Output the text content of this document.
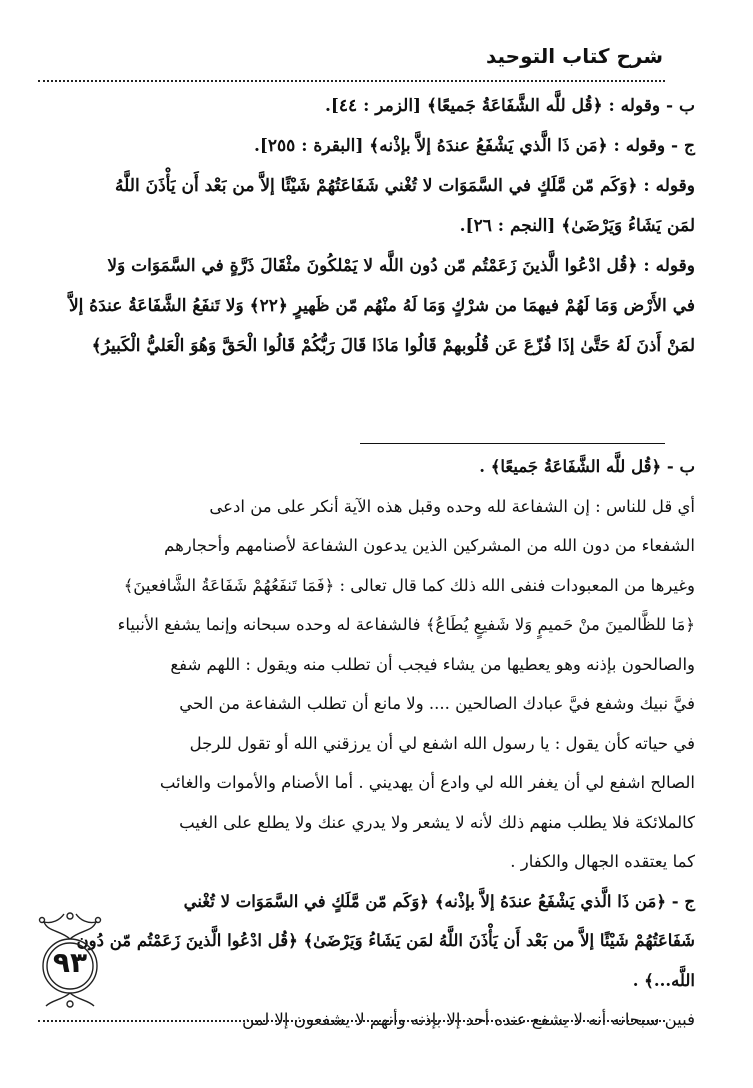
شرح كتاب التوحيد
ب - وقوله : ﴿قُل للَّه الشَّفَاعَةُ جَميعًا﴾ [الزمر : ٤٤].
ج - وقوله : ﴿مَن ذَا الَّذي يَشْفَعُ عندَهُ إلاَّ بإذْنه﴾ [البقرة : ٢٥٥].
وقوله : ﴿وَكَم مّن مَّلَكٍ في السَّمَوَات لا تُغْني شَفَاعَتُهُمْ شَيْئًا إلاَّ من بَعْد أَن يَأْذَنَ اللَّهُ
لمَن يَشَاءُ وَيَرْضَىٰ﴾ [النجم : ٢٦].
وقوله : ﴿قُل ادْعُوا الَّذينَ زَعَمْتُم مّن دُون اللَّه لا يَمْلكُونَ مثْقَالَ ذَرَّةٍ في السَّمَوَات وَلا
في الأَرْض وَمَا لَهُمْ فيهمَا من شرْكٍ وَمَا لَهُ منْهُم مّن ظَهيرٍ ﴿٢٢﴾ وَلا تَنفَعُ الشَّفَاعَةُ عندَهُ إلاَّ
لمَنْ أَذنَ لَهُ حَتَّىٰ إذَا فُزّعَ عَن قُلُوبهمْ قَالُوا مَاذَا قَالَ رَبُّكُمْ قَالُوا الْحَقَّ وَهُوَ الْعَليُّ الْكَبيرُ﴾
ب - ﴿قُل للَّه الشَّفَاعَةُ جَميعًا﴾ .
أي قل للناس : إن الشفاعة لله وحده وقبل هذه الآية أنكر على من ادعى
الشفعاء من دون الله من المشركين الذين يدعون الشفاعة لأصنامهم وأحجارهم
وغيرها من المعبودات فنفى الله ذلك كما قال تعالى : ﴿فَمَا تَنفَعُهُمْ شَفَاعَةُ الشَّافعينَ﴾
﴿مَا للظَّالمينَ منْ حَميمٍ وَلا شَفيعٍ يُطَاعُ﴾ فالشفاعة له وحده سبحانه وإنما يشفع الأنبياء
والصالحون بإذنه وهو يعطيها من يشاء فيجب أن تطلب منه ويقول : اللهم شفع
فيَّ نبيك وشفع فيَّ عبادك الصالحين .... ولا مانع أن تطلب الشفاعة من الحي
في حياته كأن يقول : يا رسول الله اشفع لي أن يرزقني الله أو تقول للرجل
الصالح اشفع لي أن يغفر الله لي وادع أن يهديني . أما الأصنام والأموات والغائب
كالملائكة فلا يطلب منهم ذلك لأنه لا يشعر ولا يدري عنك ولا يطلع على الغيب
كما يعتقده الجهال والكفار .
ج - ﴿مَن ذَا الَّذي يَشْفَعُ عندَهُ إلاَّ بإذْنه﴾ ﴿وَكَم مّن مَّلَكٍ في السَّمَوَات لا تُغْني
شَفَاعَتُهُمْ شَيْئًا إلاَّ من بَعْد أَن يَأْذَنَ اللَّهُ لمَن يَشَاءُ وَيَرْضَىٰ﴾ ﴿قُل ادْعُوا الَّذينَ زَعَمْتُم مّن دُون
اللَّه...﴾ .
فبين سبحانه أنه لا يشفع عنده أحد إلا بإذنه وأنهم لا يشفعون إلا لمن
٩٣
